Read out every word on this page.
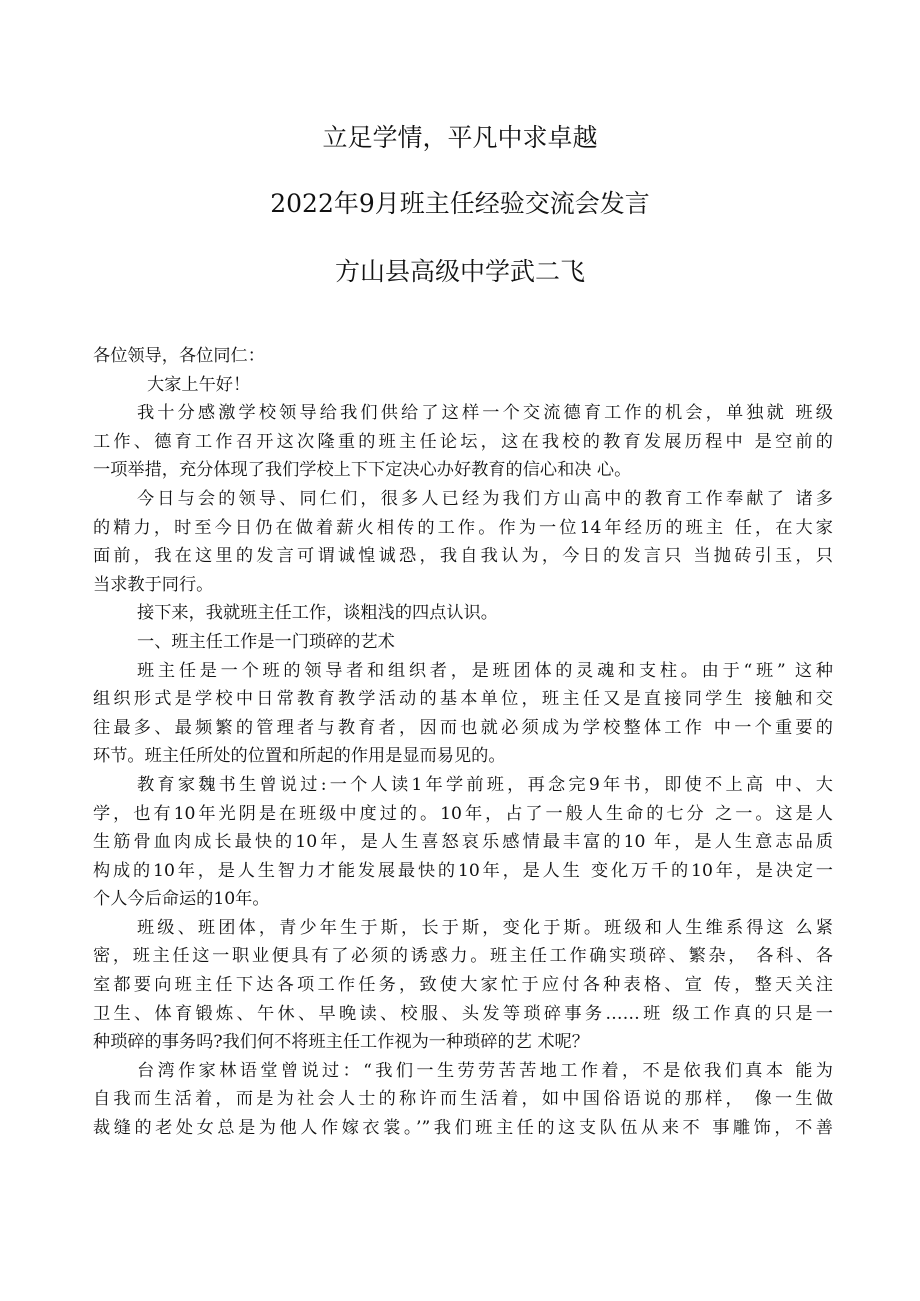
立足学情，平凡中求卓越
2022年9月班主任经验交流会发言
方山县高级中学武二飞
各位领导，各位同仁：
大家上午好！
我十分感激学校领导给我们供给了这样一个交流德育工作的机会，单独就 班级
工作、德育工作召开这次隆重的班主任论坛，这在我校的教育发展历程中 是空前的
一项举措，充分体现了我们学校上下下定决心办好教育的信心和决 心。
今日与会的领导、同仁们，很多人已经为我们方山高中的教育工作奉献了 诸多
的精力，时至今日仍在做着薪火相传的工作。作为一位14年经历的班主 任，在大家
面前，我在这里的发言可谓诚惶诚恐，我自我认为，今日的发言只 当抛砖引玉，只
当求教于同行。
接下来，我就班主任工作，谈粗浅的四点认识。
一、班主任工作是一门琐碎的艺术
班主任是一个班的领导者和组织者，是班团体的灵魂和支柱。由于“班” 这种
组织形式是学校中日常教育教学活动的基本单位，班主任又是直接同学生 接触和交
往最多、最频繁的管理者与教育者，因而也就必须成为学校整体工作 中一个重要的
环节。班主任所处的位置和所起的作用是显而易见的。
教育家魏书生曾说过:一个人读1年学前班，再念完9年书，即使不上高 中、大
学，也有10年光阴是在班级中度过的。10年，占了一般人生命的七分 之一。这是人
生筋骨血肉成长最快的10年，是人生喜怒哀乐感情最丰富的10 年，是人生意志品质
构成的10年，是人生智力才能发展最快的10年，是人生 变化万千的10年，是决定一
个人今后命运的10年。
班级、班团体，青少年生于斯，长于斯，变化于斯。班级和人生维系得这 么紧
密，班主任这一职业便具有了必须的诱惑力。班主任工作确实琐碎、繁杂， 各科、各
室都要向班主任下达各项工作任务，致使大家忙于应付各种表格、宣 传，整天关注
卫生、体育锻炼、午休、早晚读、校服、头发等琐碎事务……班 级工作真的只是一
种琐碎的事务吗?我们何不将班主任工作视为一种琐碎的艺 术呢？
台湾作家林语堂曾说过：“我们一生劳劳苦苦地工作着，不是依我们真本 能为
自我而生活着，而是为社会人士的称许而生活着，如中国俗语说的那样， 像一生做
裁缝的老处女总是为他人作嫁衣裳。’”我们班主任的这支队伍从来不 事雕饰，不善
